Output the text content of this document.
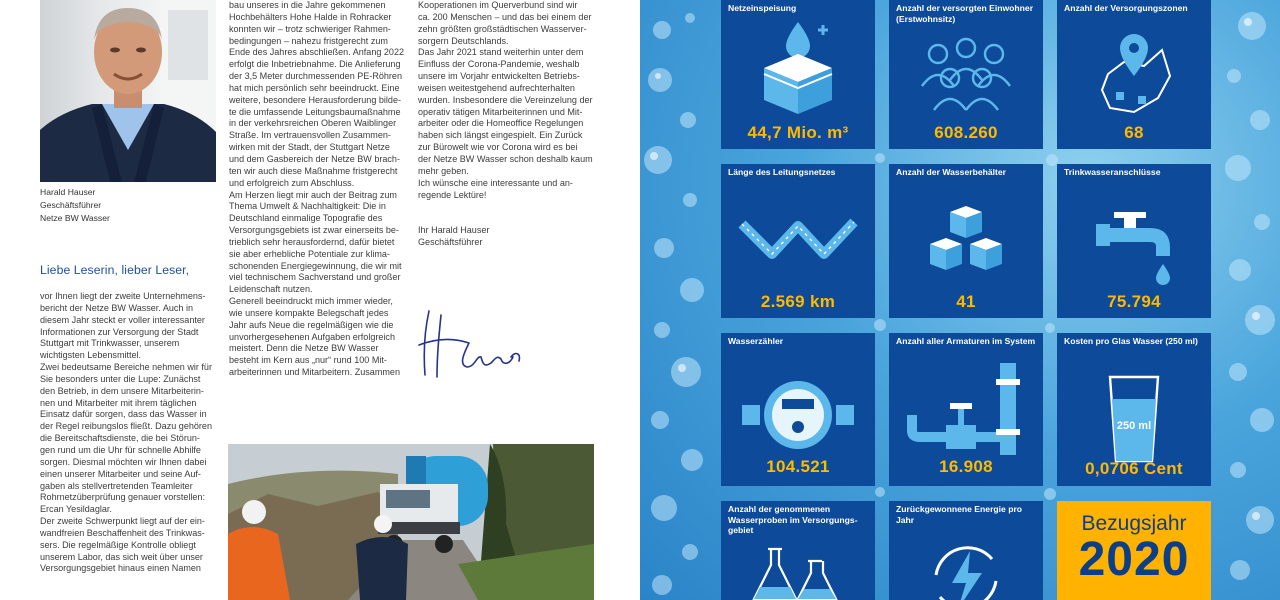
Harald Hauser
Geschäftsführer
Netze BW Wasser
Liebe Leserin, lieber Leser,

vor Ihnen liegt der zweite Unternehmens-

bericht der Netze BW Wasser. Auch in

diesem Jahr steckt er voller interessanter

Informationen zur Versorgung der Stadt

Stuttgart mit Trinkwasser, unserem

wichtigsten Lebensmittel.

Zwei bedeutsame Bereiche nehmen wir für

Sie besonders unter die Lupe: Zunächst

den Betrieb, in dem unsere Mitarbeiterin-

nen und Mitarbeiter mit ihrem täglichen

Einsatz dafür sorgen, dass das Wasser in

der Regel reibungslos fließt. Dazu gehören

die Bereitschaftsdienste, die bei Störun-

gen rund um die Uhr für schnelle Abhilfe

sorgen. Diesmal möchten wir Ihnen dabei

einen unserer Mitarbeiter und seine Auf-

gaben als stellvertretenden Teamleiter

Rohrnetzüberprüfung genauer vorstellen:

Ercan Yesildaglar.

Der zweite Schwerpunkt liegt auf der ein-

wandfreien Beschaffenheit des Trinkwas-

sers. Die regelmäßige Kontrolle obliegt

unserem Labor, das sich weit über unser

Versorgungsgebiet hinaus einen Namen

bau unseres in die Jahre gekommenen

Hochbehälters Hohe Halde in Rohracker

konnten wir – trotz schwieriger Rahmen-

bedingungen – nahezu fristgerecht zum

Ende des Jahres abschließen. Anfang 2022

erfolgt die Inbetriebnahme. Die Anlieferung

der 3,5 Meter durchmessenden PE-Röhren

hat mich persönlich sehr beeindruckt. Eine

weitere, besondere Herausforderung bilde-

te die umfassende Leitungsbaumaßnahme

in der verkehrsreichen Oberen Waiblinger

Straße. Im vertrauensvollen Zusammen-

wirken mit der Stadt, der Stuttgart Netze

und dem Gasbereich der Netze BW brach-

ten wir auch diese Maßnahme fristgerecht

und erfolgreich zum Abschluss.

Am Herzen liegt mir auch der Beitrag zum

Thema Umwelt & Nachhaltigkeit: Die in

Deutschland einmalige Topografie des

Versorgungsgebiets ist zwar einerseits be-

trieblich sehr herausfordernd, dafür bietet

sie aber erhebliche Potentiale zur klima-

schonenden Energiegewinnung, die wir mit

viel technischem Sachverstand und großer

Leidenschaft nutzen.

Generell beeindruckt mich immer wieder,

wie unsere kompakte Belegschaft jedes

Jahr aufs Neue die regelmäßigen wie die

unvorhergesehenen Aufgaben erfolgreich

meistert. Denn die Netze BW Wasser

besteht im Kern aus „nur“ rund 100 Mit-

arbeiterinnen und Mitarbeitern. Zusammen

Kooperationen im Querverbund sind wir

ca. 200 Menschen – und das bei einem der

zehn größten großstädtischen Wasserver-

sorgern Deutschlands.

Das Jahr 2021 stand weiterhin unter dem

Einfluss der Corona-Pandemie, weshalb

unsere im Vorjahr entwickelten Betriebs-

weisen weitestgehend aufrechterhalten

wurden. Insbesondere die Vereinzelung der

operativ tätigen Mitarbeiterinnen und Mit-

arbeiter oder die Homeoffice Regelungen

haben sich längst eingespielt. Ein Zurück

zur Bürowelt wie vor Corona wird es bei

der Netze BW Wasser schon deshalb kaum

mehr geben.

Ich wünsche eine interessante und an-

regende Lektüre!

Ihr Harald Hauser

Geschäftsführer

Netzeinspeisung
44,7 Mio. m³
Anzahl der versorgten Einwohner (Erstwohnsitz)
608.260
Anzahl der Versorgungszonen
68
Länge des Leitungsnetzes
2.569 km
Anzahl der Wasserbehälter
41
Trinkwasseranschlüsse
75.794
Wasserzähler
104.521
Anzahl aller Armaturen im System
16.908
Kosten pro Glas Wasser (250 ml)
250 ml
0,0706 Cent
Anzahl der genommenen Wasserproben im Versorgungs-gebiet
Zurückgewonnene Energie pro Jahr	Bezugsjahr
2020
